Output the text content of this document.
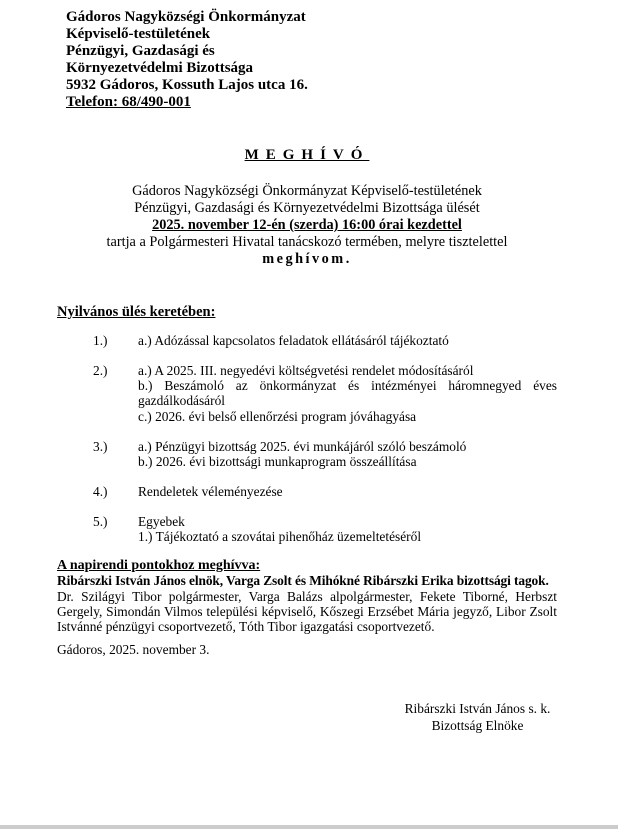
Gádoros Nagyközségi Önkormányzat
Képviselő-testületének
Pénzügyi, Gazdasági és
Környezetvédelmi Bizottsága
5932 Gádoros, Kossuth Lajos utca 16.
Telefon: 68/490-001
MEGHÍVÓ
Gádoros Nagyközségi Önkormányzat Képviselő-testületének
Pénzügyi, Gazdasági és Környezetvédelmi Bizottsága ülését
2025. november 12-én (szerda) 16:00 órai kezdettel
tartja a Polgármesteri Hivatal tanácskozó termében, melyre tisztelettel
meghívom.
Nyilvános ülés keretében:
1.)	a.) Adózással kapcsolatos feladatok ellátásáról tájékoztató
2.)	a.) A 2025. III. negyedévi költségvetési rendelet módosításáról
b.) Beszámoló az önkormányzat és intézményei háromnegyed éves gazdálkodásáról
c.) 2026. évi belső ellenőrzési program jóváhagyása
3.)	a.) Pénzügyi bizottság 2025. évi munkájáról szóló beszámoló
b.) 2026. évi bizottsági munkaprogram összeállítása
4.)	Rendeletek véleményezése
5.)	Egyebek
1.) Tájékoztató a szovátai pihenőház üzemeltetéséről
A napirendi pontokhoz meghívva:
Ribárszki István János elnök, Varga Zsolt és Mihókné Ribárszki Erika bizottsági tagok.
Dr. Szilágyi Tibor polgármester, Varga Balázs alpolgármester, Fekete Tiborné, Herbszt Gergely, Simondán Vilmos települési képviselő, Kőszegi Erzsébet Mária jegyző, Libor Zsolt Istvánné pénzügyi csoportvezető, Tóth Tibor igazgatási csoportvezető.
Gádoros, 2025. november 3.
Ribárszki István János s. k.
Bizottság Elnöke
